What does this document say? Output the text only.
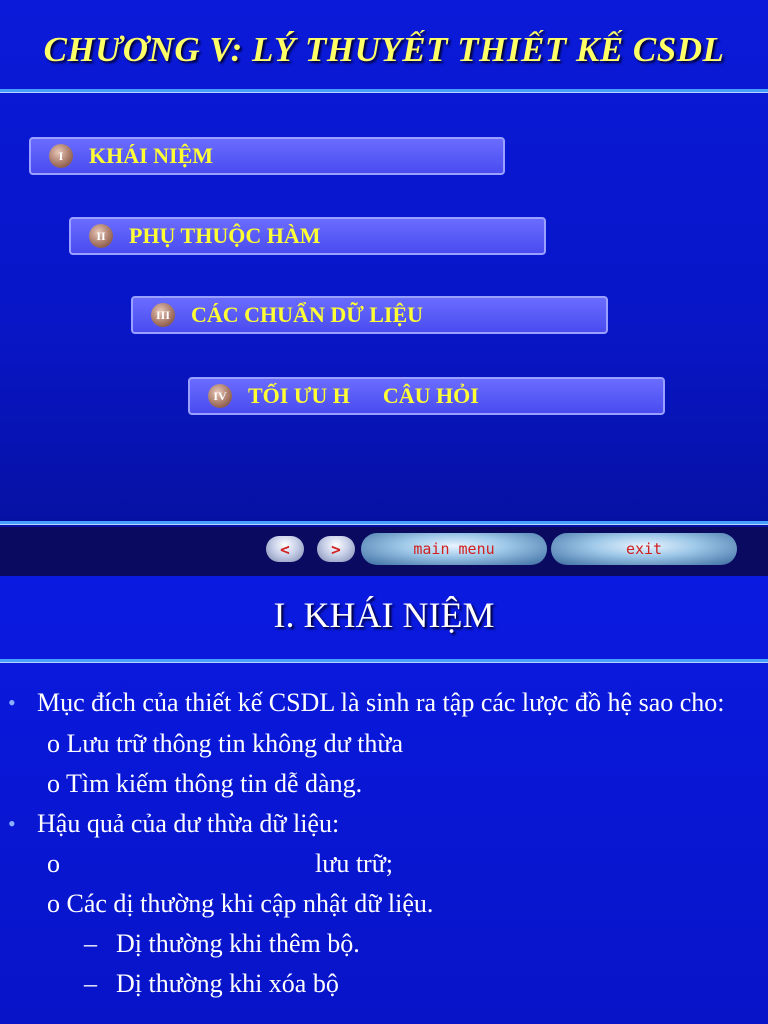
CHƯƠNG V: LÝ THUYẾT THIẾT KẾ CSDL
I	KHÁI NIỆM
II	PHỤ THUỘC HÀM
III CÁC CHUẨN DỮ LIỆU
IV TỐI ƯU H      CÂU HỎI
<	>	main menu	exit
I. KHÁI NIỆM
• Mục đích của thiết kế CSDL là sinh ra tập các lược đồ hệ sao cho:
o Lưu trữ thông tin không dư thừa
o Tìm kiếm thông tin dễ dàng.
• Hậu quả của dư thừa dữ liệu:
o	lưu trữ;
o Các dị thường khi cập nhật dữ liệu.
– Dị thường khi thêm bộ.
– Dị thường khi xóa bộ
